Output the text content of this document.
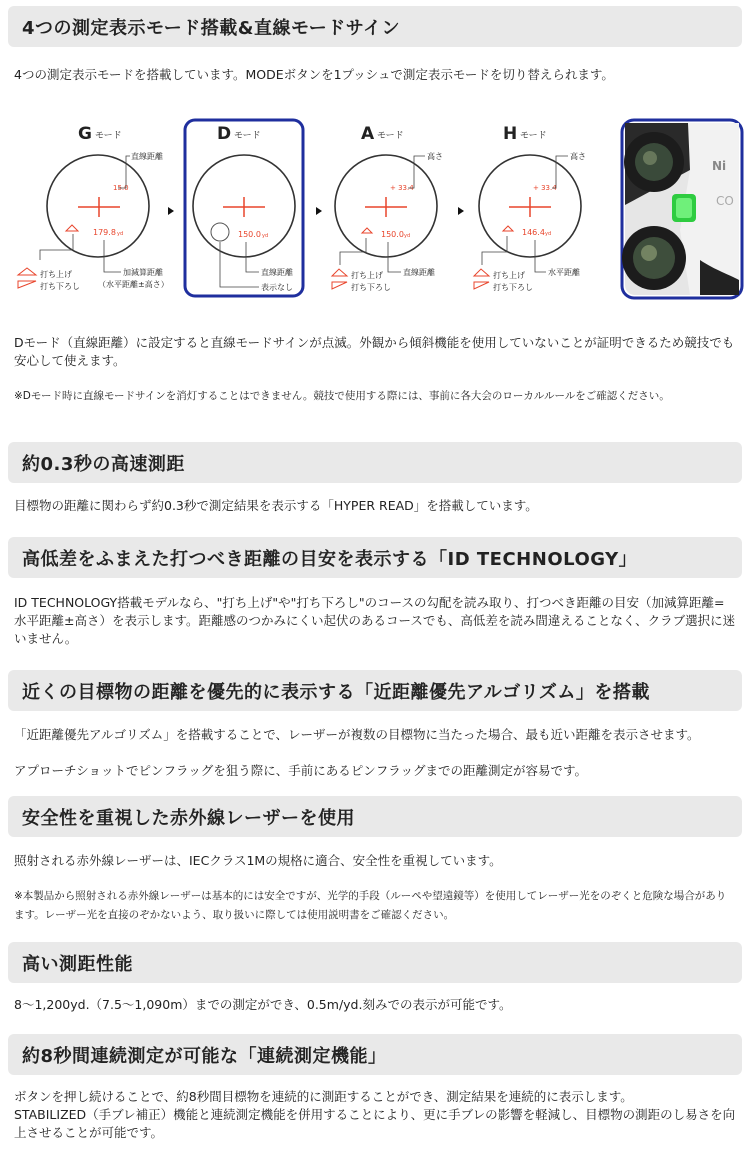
4つの測定表示モード搭載&直線モードサイン
4つの測定表示モードを搭載しています。MODEボタンを1プッシュで測定表示モードを切り替えられます。
G モード
15.0
179.8 yd
直線距離
加減算距離
（水平距離±高さ）
打ち上げ
打ち下ろし
D モード
150.0 yd
直線距離
表示なし
A モード
+ 33.4
150.0 yd
高さ
直線距離
打ち上げ
打ち下ろし
H モード
+ 33.4
146.4 yd
高さ
水平距離
打ち上げ
打ち下ろし
Ni
CO
Dモード（直線距離）に設定すると直線モードサインが点滅。外観から傾斜機能を使用していないことが証明できるため競技でも安心して使えます。
※Dモード時に直線モードサインを消灯することはできません。競技で使用する際には、事前に各大会のローカルルールをご確認ください。
約0.3秒の高速測距
目標物の距離に関わらず約0.3秒で測定結果を表示する「HYPER READ」を搭載しています。
高低差をふまえた打つべき距離の目安を表示する「ID TECHNOLOGY」
ID TECHNOLOGY搭載モデルなら、"打ち上げ"や"打ち下ろし"のコースの勾配を読み取り、打つべき距離の目安（加減算距離=水平距離±高さ）を表示します。距離感のつかみにくい起伏のあるコースでも、高低差を読み間違えることなく、クラブ選択に迷いません。
近くの目標物の距離を優先的に表示する「近距離優先アルゴリズム」を搭載
「近距離優先アルゴリズム」を搭載することで、レーザーが複数の目標物に当たった場合、最も近い距離を表示させます。
アプローチショットでピンフラッグを狙う際に、手前にあるピンフラッグまでの距離測定が容易です。
安全性を重視した赤外線レーザーを使用
照射される赤外線レーザーは、IECクラス1Mの規格に適合、安全性を重視しています。
※本製品から照射される赤外線レーザーは基本的には安全ですが、光学的手段（ルーペや望遠鏡等）を使用してレーザー光をのぞくと危険な場合があります。レーザー光を直接のぞかないよう、取り扱いに際しては使用説明書をご確認ください。
高い測距性能
8～1,200yd.（7.5～1,090m）までの測定ができ、0.5m/yd.刻みでの表示が可能です。
約8秒間連続測定が可能な「連続測定機能」
ボタンを押し続けることで、約8秒間目標物を連続的に測距することができ、測定結果を連続的に表示します。
STABILIZED（手ブレ補正）機能と連続測定機能を併用することにより、更に手ブレの影響を軽減し、目標物の測距のし易さを向上させることが可能です。
